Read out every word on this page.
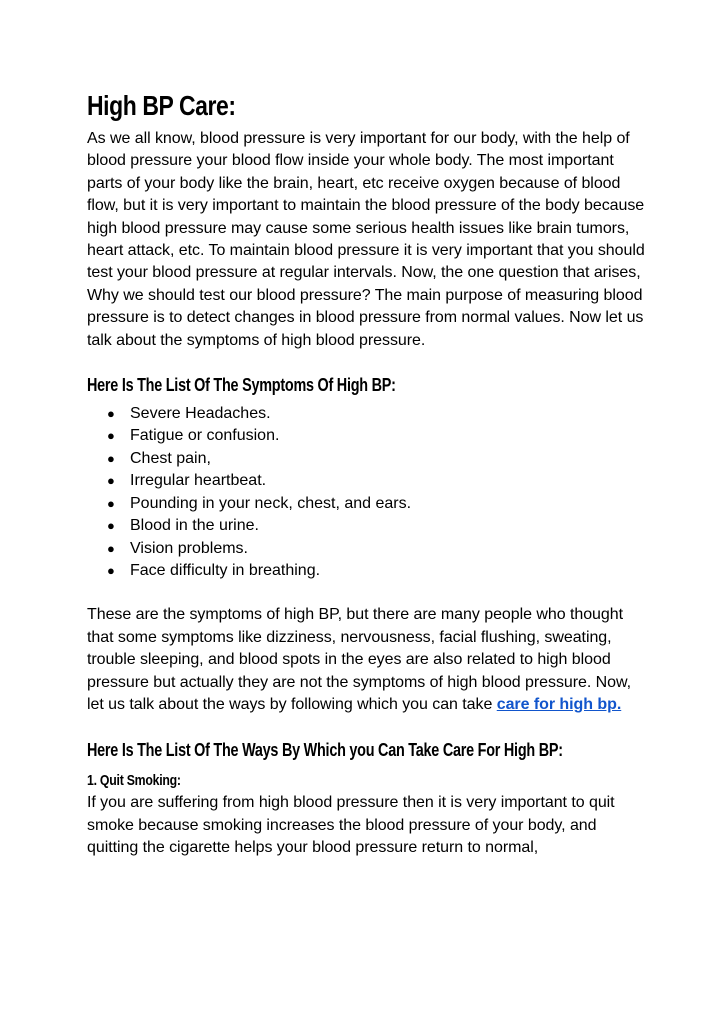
High BP Care:

As we all know, blood pressure is very important for our body, with the help of blood pressure your blood flow inside your whole body. The most important parts of your body like the brain, heart, etc receive oxygen because of blood flow, but it is very important to maintain the blood pressure of the body because high blood pressure may cause some serious health issues like brain tumors, heart attack, etc. To maintain blood pressure it is very important that you should test your blood pressure at regular intervals. Now, the one question that arises, Why we should test our blood pressure? The main purpose of measuring blood pressure is to detect changes in blood pressure from normal values. Now let us talk about the symptoms of high blood pressure.

Here Is The List Of The Symptoms Of High BP:
● Severe Headaches.
● Fatigue or confusion.
● Chest pain,
● Irregular heartbeat.
● Pounding in your neck, chest, and ears.
● Blood in the urine.
● Vision problems.
● Face difficulty in breathing.

These are the symptoms of high BP, but there are many people who thought that some symptoms like dizziness, nervousness, facial flushing, sweating, trouble sleeping, and blood spots in the eyes are also related to high blood pressure but actually they are not the symptoms of high blood pressure. Now, let us talk about the ways by following which you can take care for high bp.

Here Is The List Of The Ways By Which you Can Take Care For High BP:
1. Quit Smoking:

If you are suffering from high blood pressure then it is very important to quit smoke because smoking increases the blood pressure of your body, and quitting the cigarette helps your blood pressure return to normal,
